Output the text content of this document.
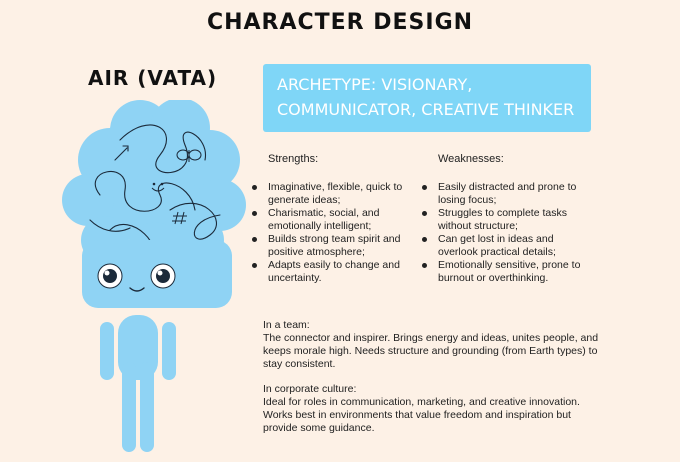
CHARACTER DESIGN
AIR (VATA)	ARCHETYPE: VISIONARY,
COMMUNICATOR, CREATIVE THINKER
Strengths:
Imaginative, flexible, quick to generate ideas;
Charismatic, social, and emotionally intelligent;
Builds strong team spirit and positive atmosphere;
Adapts easily to change and uncertainty.
Weaknesses:
Easily distracted and prone to losing focus;
Struggles to complete tasks without structure;
Can get lost in ideas and overlook practical details;
Emotionally sensitive, prone to burnout or overthinking.
In a team:
The connector and inspirer. Brings energy and ideas, unites people, and keeps morale high. Needs structure and grounding (from Earth types) to stay consistent.
In corporate culture:
Ideal for roles in communication, marketing, and creative innovation. Works best in environments that value freedom and inspiration but provide some guidance.
